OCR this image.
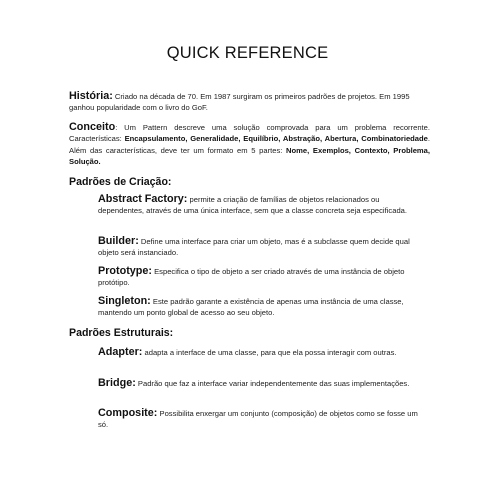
QUICK REFERENCE
História: Criado na década de 70. Em 1987 surgiram os primeiros padrões de projetos. Em 1995 ganhou popularidade com o livro do GoF.
Conceito: Um Pattern descreve uma solução comprovada para um problema recorrente. Características: Encapsulamento, Generalidade, Equilíbrio, Abstração, Abertura, Combinatoriedade. Além das características, deve ter um formato em 5 partes: Nome, Exemplos, Contexto, Problema, Solução.
Padrões de Criação:
Abstract Factory: permite a criação de famílias de objetos relacionados ou dependentes, através de uma única interface, sem que a classe concreta seja especificada.
Builder: Define uma interface para criar um objeto, mas é a subclasse quem decide qual objeto será instanciado.
Prototype: Especifica o tipo de objeto a ser criado através de uma instância de objeto protótipo.
Singleton: Este padrão garante a existência de apenas uma instância de uma classe, mantendo um ponto global de acesso ao seu objeto.
Padrões Estruturais:
Adapter: adapta a interface de uma classe, para que ela possa interagir com outras.
Bridge: Padrão que faz a interface variar independentemente das suas implementações.
Composite: Possibilita enxergar um conjunto (composição) de objetos como se fosse um só.
